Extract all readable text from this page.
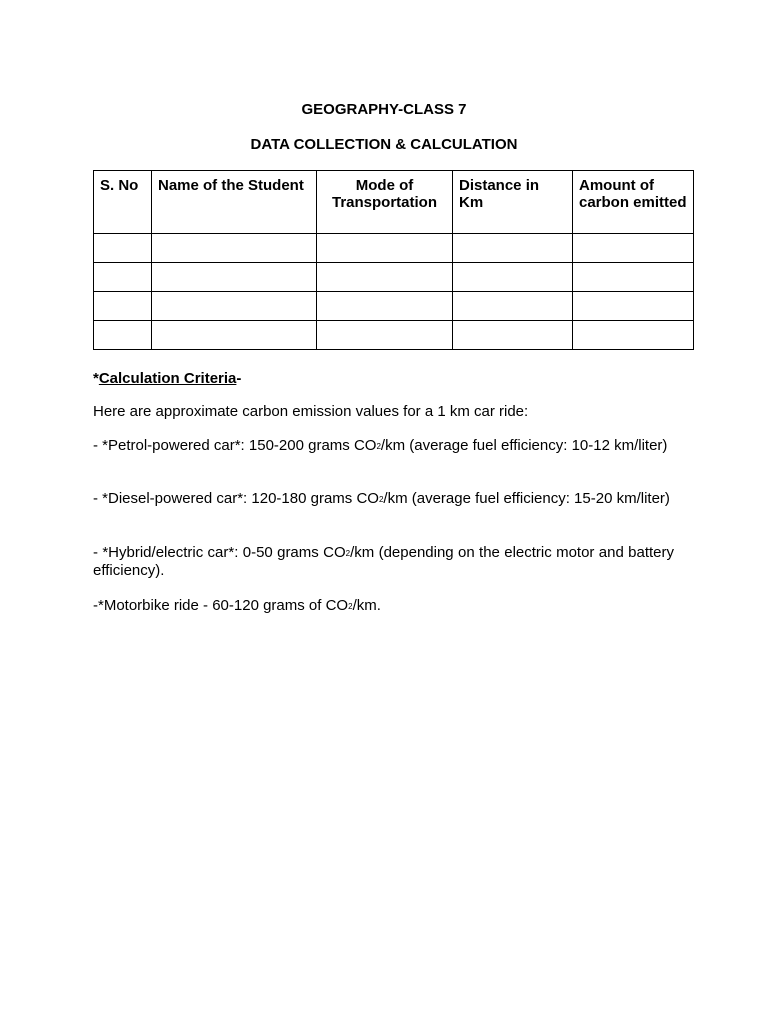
GEOGRAPHY-CLASS 7
DATA COLLECTION & CALCULATION
S. No	Name of the Student	Mode of Transportation	Distance in Km	Amount of carbon emitted

*Calculation Criteria-
Here are approximate carbon emission values for a 1 km car ride:
- *Petrol-powered car*: 150-200 grams $CO_2/km$ (average fuel efficiency: 10-12 km/liter)
- *Diesel-powered car*: 120-180 grams $CO_2/km$ (average fuel efficiency: 15-20 km/liter)
- *Hybrid/electric car*: 0-50 grams $CO_2/km$ (depending on the electric motor and battery     efficiency).
-*Motorbike ride - 60-120 grams of $CO_2/km$.
